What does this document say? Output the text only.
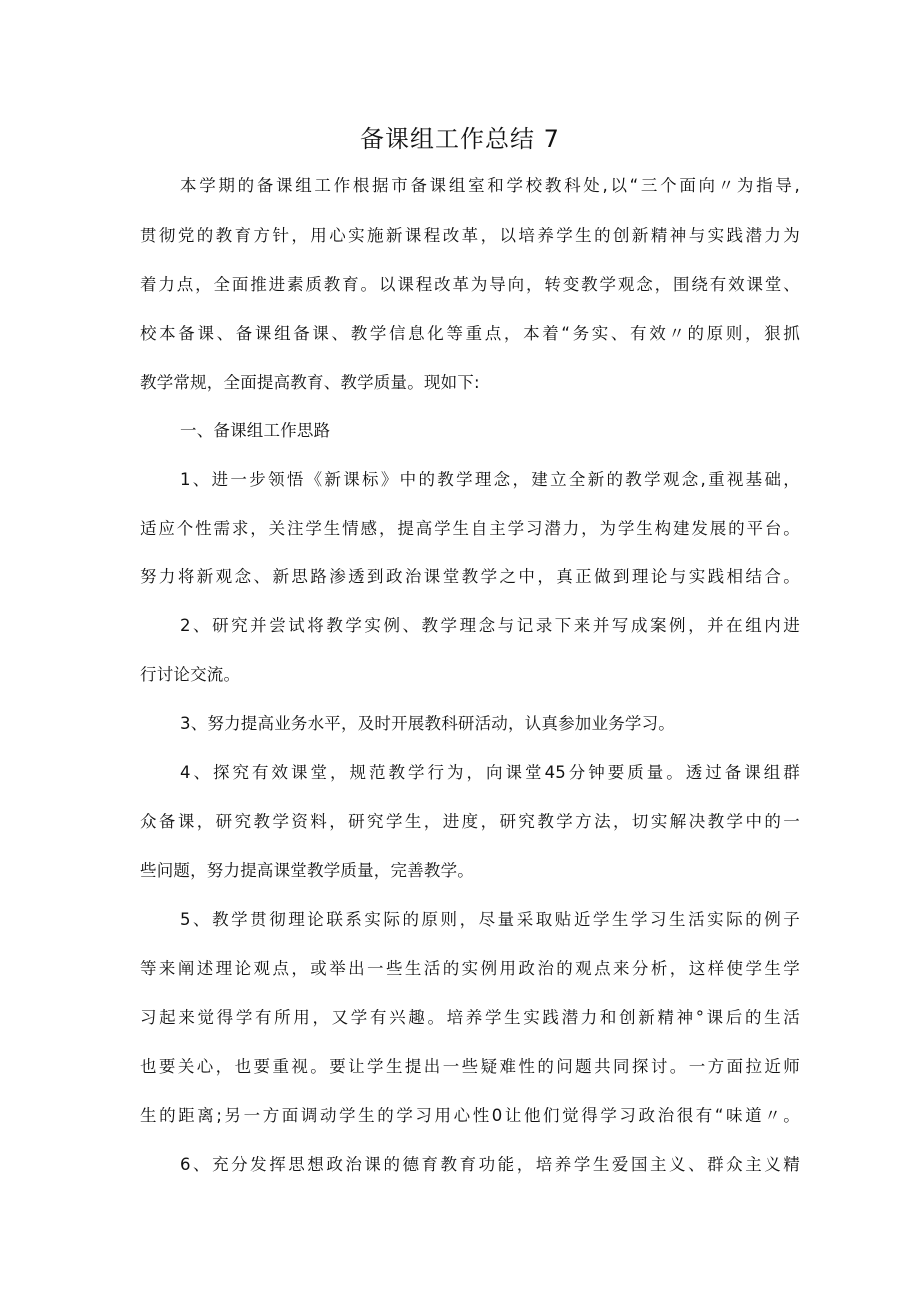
备课组工作总结 7
本学期的备课组工作根据市备课组室和学校教科处,以“三个面向〃为指导,
贯彻党的教育方针，用心实施新课程改革，以培养学生的创新精神与实践潜力为
着力点，全面推进素质教育。以课程改革为导向，转变教学观念，围绕有效课堂、
校本备课、备课组备课、教学信息化等重点，本着“务实、有效〃的原则，狠抓
教学常规，全面提高教育、教学质量。现如下:
一、备课组工作思路
1、进一步领悟《新课标》中的教学理念，建立全新的教学观念,重视基础，
适应个性需求，关注学生情感，提高学生自主学习潜力，为学生构建发展的平台。
努力将新观念、新思路渗透到政治课堂教学之中，真正做到理论与实践相结合。
2、研究并尝试将教学实例、教学理念与记录下来并写成案例，并在组内进
行讨论交流。
3、努力提高业务水平，及时开展教科研活动，认真参加业务学习。
4、探究有效课堂，规范教学行为，向课堂45分钟要质量。透过备课组群
众备课，研究教学资料，研究学生，进度，研究教学方法，切实解决教学中的一
些问题，努力提高课堂教学质量，完善教学。
5、教学贯彻理论联系实际的原则，尽量采取贴近学生学习生活实际的例子
等来阐述理论观点，或举出一些生活的实例用政治的观点来分析，这样使学生学
习起来觉得学有所用，又学有兴趣。培养学生实践潜力和创新精神°课后的生活
也要关心，也要重视。要让学生提出一些疑难性的问题共同探讨。一方面拉近师
生的距离;另一方面调动学生的学习用心性0让他们觉得学习政治很有“味道〃。
6、充分发挥思想政治课的德育教育功能，培养学生爱国主义、群众主义精
